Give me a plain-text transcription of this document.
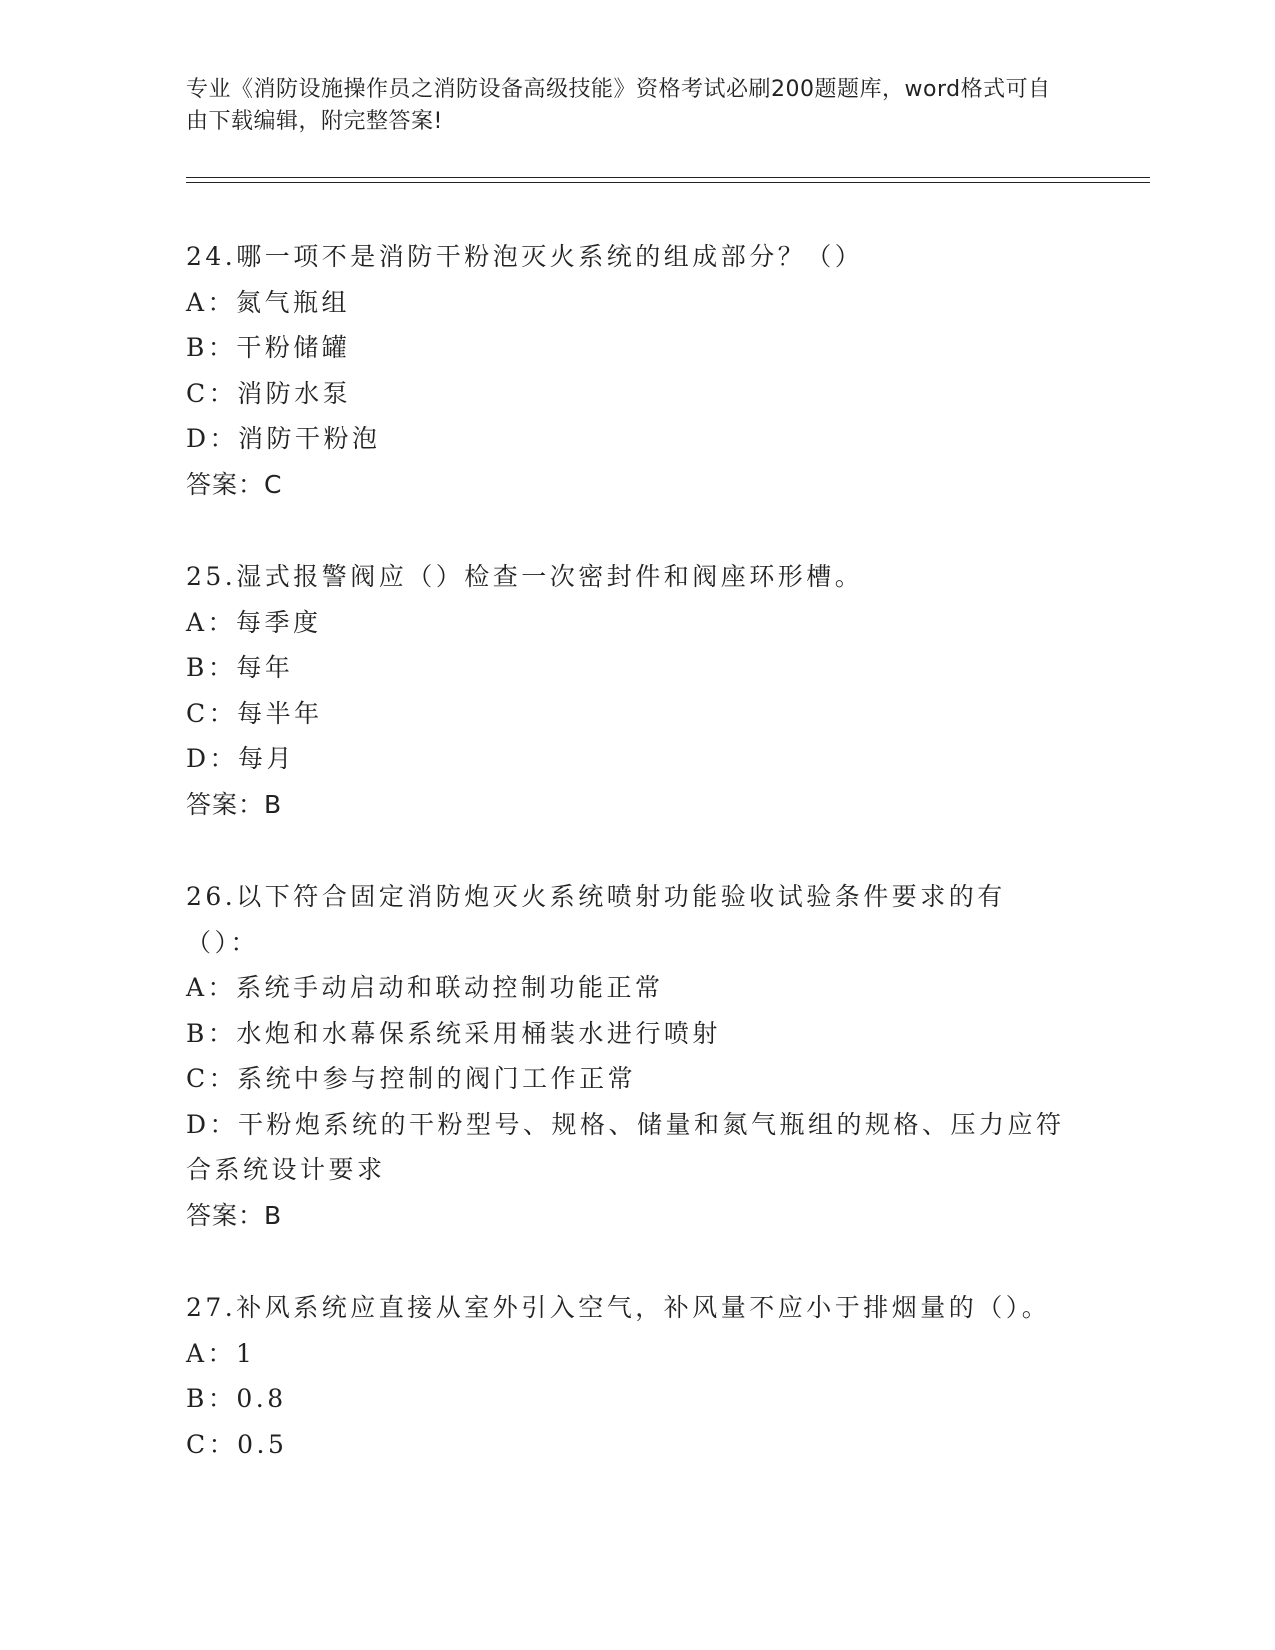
专业《消防设施操作员之消防设备高级技能》资格考试必刷200题题库，word格式可自由下载编辑，附完整答案!
24.哪一项不是消防干粉泡灭火系统的组成部分？（）
A：氮气瓶组
B：干粉储罐
C：消防水泵
D：消防干粉泡
答案：C
25.湿式报警阀应（）检查一次密封件和阀座环形槽。
A：每季度
B：每年
C：每半年
D：每月
答案：B
26.以下符合固定消防炮灭火系统喷射功能验收试验条件要求的有（）：
A：系统手动启动和联动控制功能正常
B：水炮和水幕保系统采用桶装水进行喷射
C：系统中参与控制的阀门工作正常
D：干粉炮系统的干粉型号、规格、储量和氮气瓶组的规格、压力应符合系统设计要求
答案：B
27.补风系统应直接从室外引入空气，补风量不应小于排烟量的（）。
A：1
B：0.8
C：0.5
